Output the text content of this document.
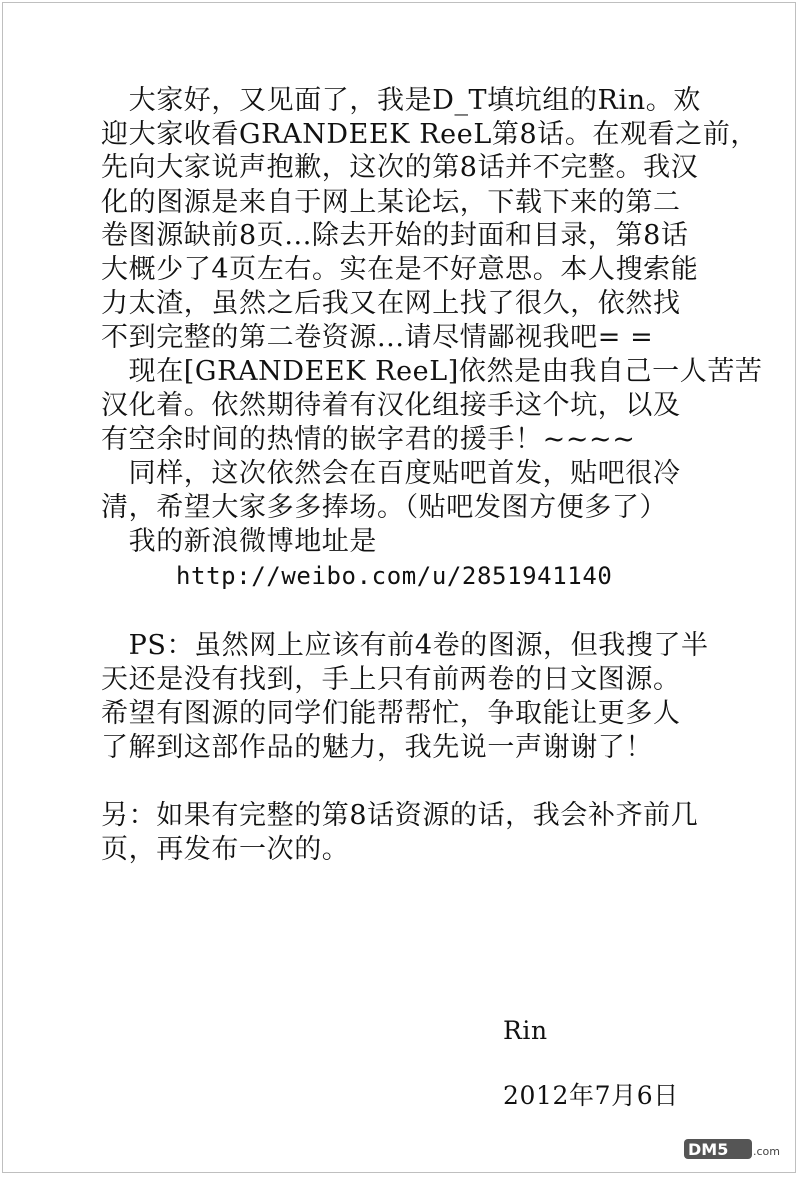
　大家好，又见面了，我是D_T填坑组的Rin。欢
迎大家收看GRANDEEK ReeL第8话。在观看之前，
先向大家说声抱歉，这次的第8话并不完整。我汉
化的图源是来自于网上某论坛，下载下来的第二
卷图源缺前8页...除去开始的封面和目录，第8话
大概少了4页左右。实在是不好意思。本人搜索能
力太渣，虽然之后我又在网上找了很久，依然找
不到完整的第二卷资源...请尽情鄙视我吧= =
　现在[GRANDEEK ReeL]依然是由我自己一人苦苦
汉化着。依然期待着有汉化组接手这个坑，以及
有空余时间的热情的嵌字君的援手！~~~~
　同样，这次依然会在百度贴吧首发，贴吧很冷
清，希望大家多多捧场。（贴吧发图方便多了）
　我的新浪微博地址是
http://weibo.com/u/2851941140
　PS：虽然网上应该有前4卷的图源，但我搜了半
天还是没有找到，手上只有前两卷的日文图源。
希望有图源的同学们能帮帮忙，争取能让更多人
了解到这部作品的魅力，我先说一声谢谢了！
另：如果有完整的第8话资源的话，我会补齐前几
页，再发布一次的。
Rin
2012年7月6日
DM5 .com
